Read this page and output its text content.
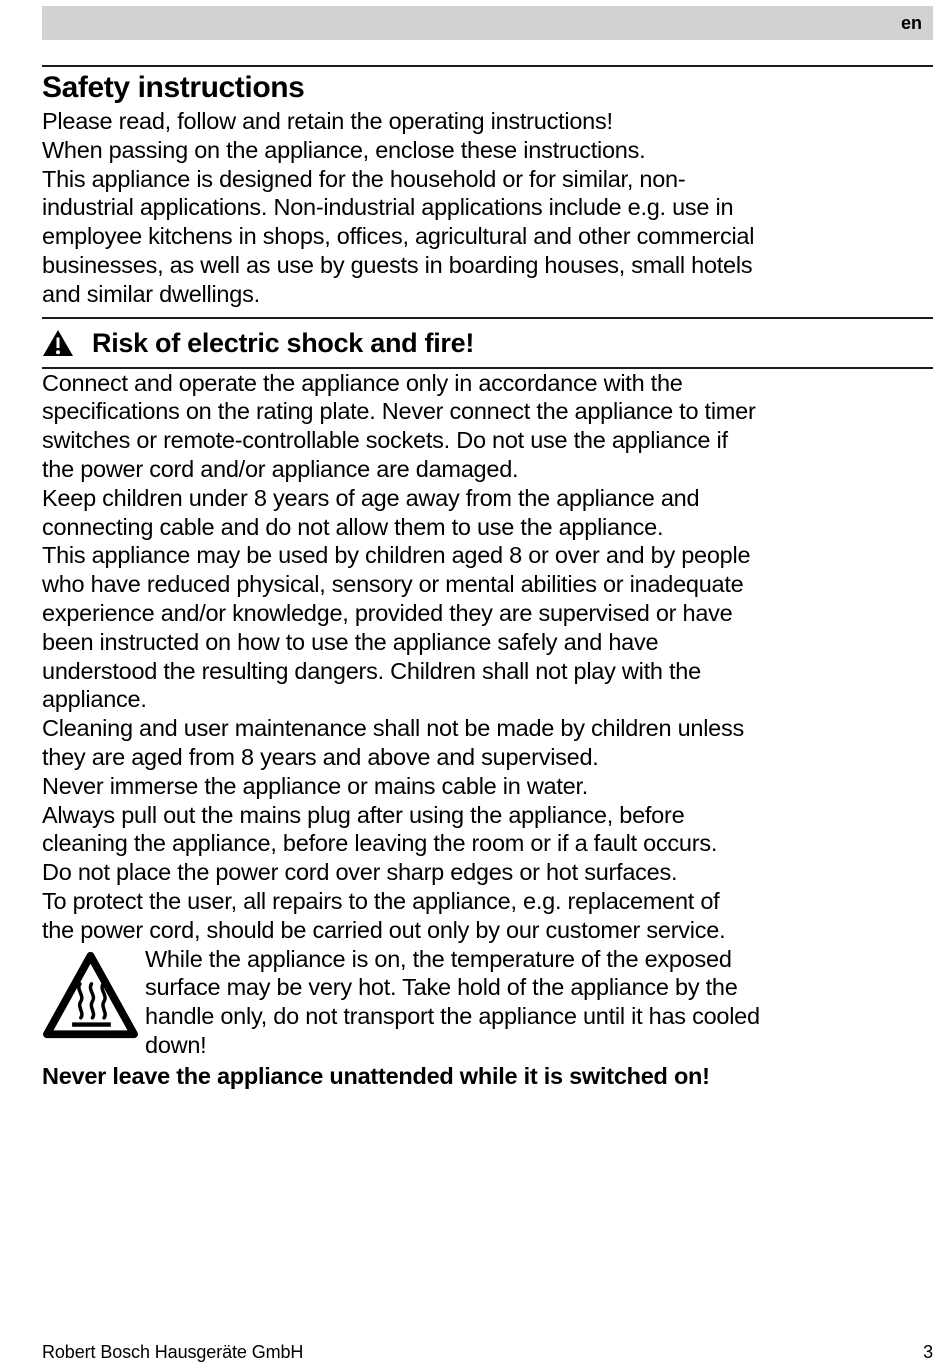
en
Safety instructions
Please read, follow and retain the operating instructions!
When passing on the appliance, enclose these instructions.
This appliance is designed for the household or for similar, non-
industrial applications. Non-industrial applications include e.g. use in
employee kitchens in shops, offices, agricultural and other commercial
businesses, as well as use by guests in boarding houses, small hotels
and similar dwellings.
Risk of electric shock and fire!
Connect and operate the appliance only in accordance with the
specifications on the rating plate. Never connect the appliance to timer
switches or remote-controllable sockets. Do not use the appliance if
the power cord and/or appliance are damaged.
Keep children under 8 years of age away from the appliance and
connecting cable and do not allow them to use the appliance.
This appliance may be used by children aged 8 or over and by people
who have reduced physical, sensory or mental abilities or inadequate
experience and/or knowledge, provided they are supervised or have
been instructed on how to use the appliance safely and have
understood the resulting dangers. Children shall not play with the
appliance.
Cleaning and user maintenance shall not be made by children unless
they are aged from 8 years and above and supervised.
Never immerse the appliance or mains cable in water.
Always pull out the mains plug after using the appliance, before
cleaning the appliance, before leaving the room or if a fault occurs.
Do not place the power cord over sharp edges or hot surfaces.
To protect the user, all repairs to the appliance, e.g. replacement of
the power cord, should be carried out only by our customer service.
While the appliance is on, the temperature of the exposed
surface may be very hot. Take hold of the appliance by the
handle only, do not transport the appliance until it has cooled
down!
Never leave the appliance unattended while it is switched on!
Robert Bosch Hausgeräte GmbH	3
